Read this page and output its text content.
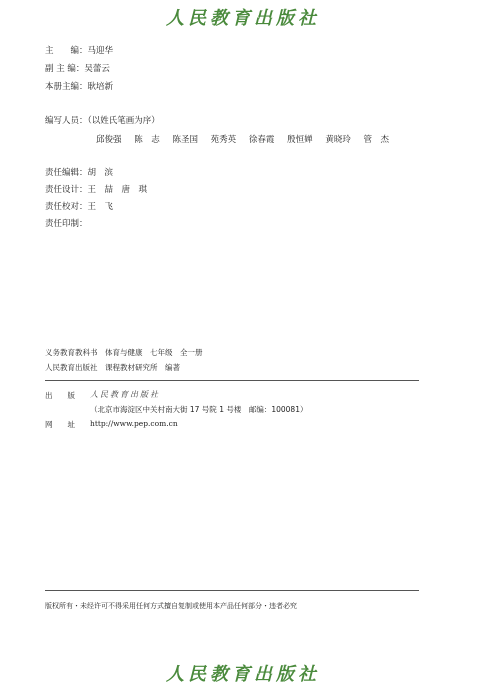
人民教育出版社
主　　编：马迎华
副 主 编：吴蕾云
本册主编：耿培新
编写人员：（以姓氏笔画为序）
邱俊强 陈　志 陈圣国 苑秀英 徐春霞 殷恒婵 黄晓玲 管　杰
责任编辑：胡　滨
责任设计：王　喆　唐　琪
责任校对：王　飞
责任印制：
义务教育教科书　体育与健康　七年级　全一册
人民教育出版社　课程教材研究所　编著
出　　版 人民教育出版社
（北京市海淀区中关村南大街 17 号院 1 号楼　邮编：100081）
网　　址 http://www.pep.com.cn
版权所有・未经许可不得采用任何方式擅自复制或使用本产品任何部分・违者必究
人民教育出版社
